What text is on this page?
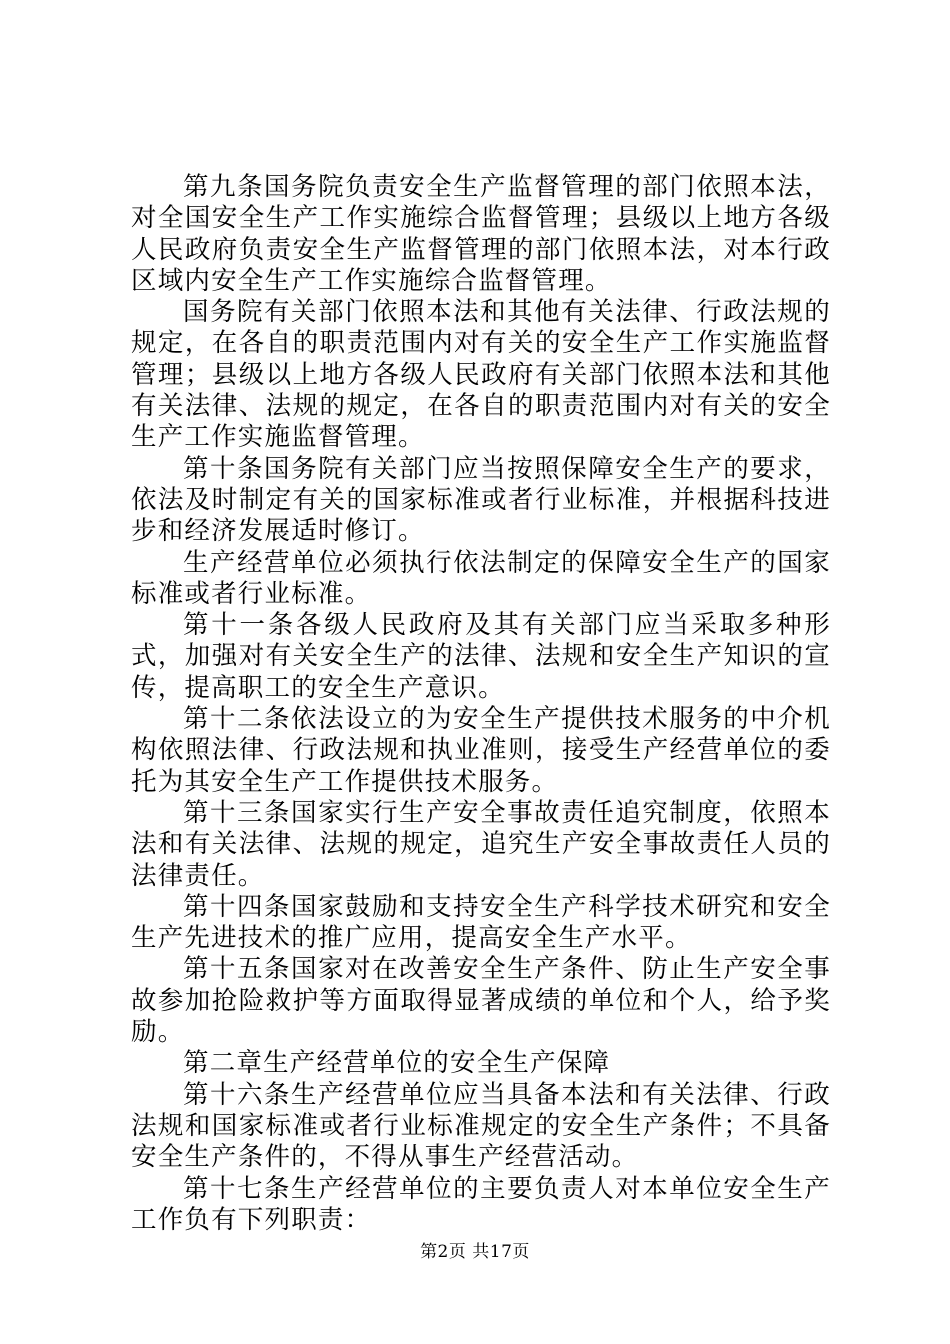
第九条国务院负责安全生产监督管理的部门依照本法，对全国安全生产工作实施综合监督管理；县级以上地方各级人民政府负责安全生产监督管理的部门依照本法，对本行政区域内安全生产工作实施综合监督管理。

国务院有关部门依照本法和其他有关法律、行政法规的规定，在各自的职责范围内对有关的安全生产工作实施监督管理；县级以上地方各级人民政府有关部门依照本法和其他有关法律、法规的规定，在各自的职责范围内对有关的安全生产工作实施监督管理。

第十条国务院有关部门应当按照保障安全生产的要求，依法及时制定有关的国家标准或者行业标准，并根据科技进步和经济发展适时修订。

生产经营单位必须执行依法制定的保障安全生产的国家标准或者行业标准。

第十一条各级人民政府及其有关部门应当采取多种形式，加强对有关安全生产的法律、法规和安全生产知识的宣传，提高职工的安全生产意识。

第十二条依法设立的为安全生产提供技术服务的中介机构依照法律、行政法规和执业准则，接受生产经营单位的委托为其安全生产工作提供技术服务。

第十三条国家实行生产安全事故责任追究制度，依照本法和有关法律、法规的规定，追究生产安全事故责任人员的法律责任。

第十四条国家鼓励和支持安全生产科学技术研究和安全生产先进技术的推广应用，提高安全生产水平。

第十五条国家对在改善安全生产条件、防止生产安全事故参加抢险救护等方面取得显著成绩的单位和个人，给予奖励。

第二章生产经营单位的安全生产保障

第十六条生产经营单位应当具备本法和有关法律、行政法规和国家标准或者行业标准规定的安全生产条件；不具备安全生产条件的，不得从事生产经营活动。

第十七条生产经营单位的主要负责人对本单位安全生产工作负有下列职责：

第2页 共17页
